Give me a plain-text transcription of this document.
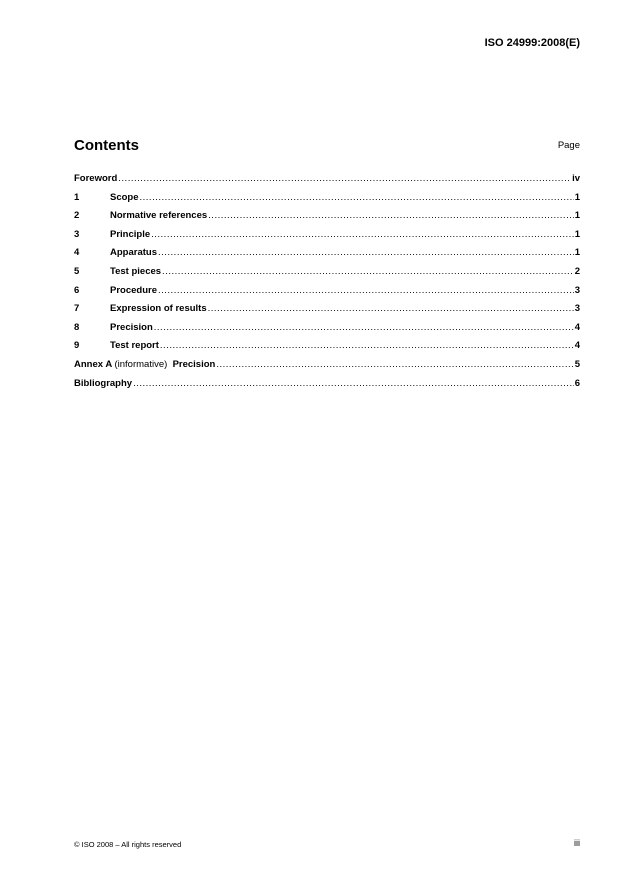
ISO 24999:2008(E)
Contents	Page
Foreword .....	iv
1	Scope .....	1
2	Normative references .....	1
3	Principle .....	1
4	Apparatus .....	1
5	Test pieces .....	2
6	Procedure .....	3
7	Expression of results .....	3
8	Precision .....	4
9	Test report .....	4
Annex A (informative) Precision .....	5
Bibliography .....	6
© ISO 2008 – All rights reserved	iii
